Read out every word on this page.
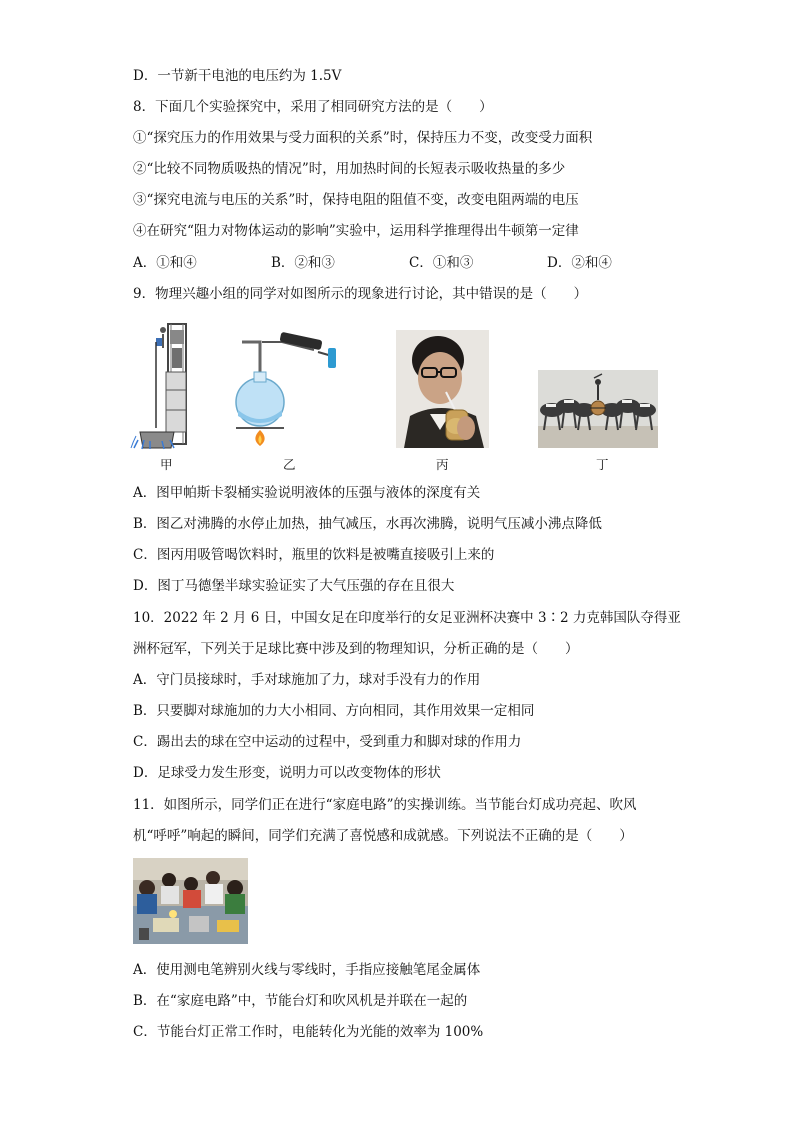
D．一节新干电池的电压约为 1.5V
8．下面几个实验探究中，采用了相同研究方法的是（　　）
①“探究压力的作用效果与受力面积的关系”时，保持压力不变，改变受力面积
②“比较不同物质吸热的情况”时，用加热时间的长短表示吸收热量的多少
③“探究电流与电压的关系”时，保持电阻的阻值不变，改变电阻两端的电压
④在研究“阻力对物体运动的影响”实验中，运用科学推理得出牛顿第一定律
A．①和④	B．②和③	C．①和③	D．②和④
9．物理兴趣小组的同学对如图所示的现象进行讨论，其中错误的是（　　）
甲	乙	丙	丁
A．图甲帕斯卡裂桶实验说明液体的压强与液体的深度有关
B．图乙对沸腾的水停止加热，抽气减压，水再次沸腾，说明气压减小沸点降低
C．图丙用吸管喝饮料时，瓶里的饮料是被嘴直接吸引上来的
D．图丁马德堡半球实验证实了大气压强的存在且很大
10．2022 年 2 月 6 日，中国女足在印度举行的女足亚洲杯决赛中 3∶2 力克韩国队夺得亚
洲杯冠军，下列关于足球比赛中涉及到的物理知识，分析正确的是（　　）
A．守门员接球时，手对球施加了力，球对手没有力的作用
B．只要脚对球施加的力大小相同、方向相同，其作用效果一定相同
C．踢出去的球在空中运动的过程中，受到重力和脚对球的作用力
D．足球受力发生形变，说明力可以改变物体的形状
11．如图所示，同学们正在进行“家庭电路”的实操训练。当节能台灯成功亮起、吹风
机“呼呼”响起的瞬间，同学们充满了喜悦感和成就感。下列说法不正确的是（　　）
A．使用测电笔辨别火线与零线时，手指应接触笔尾金属体
B．在“家庭电路”中，节能台灯和吹风机是并联在一起的
C．节能台灯正常工作时，电能转化为光能的效率为 100%
